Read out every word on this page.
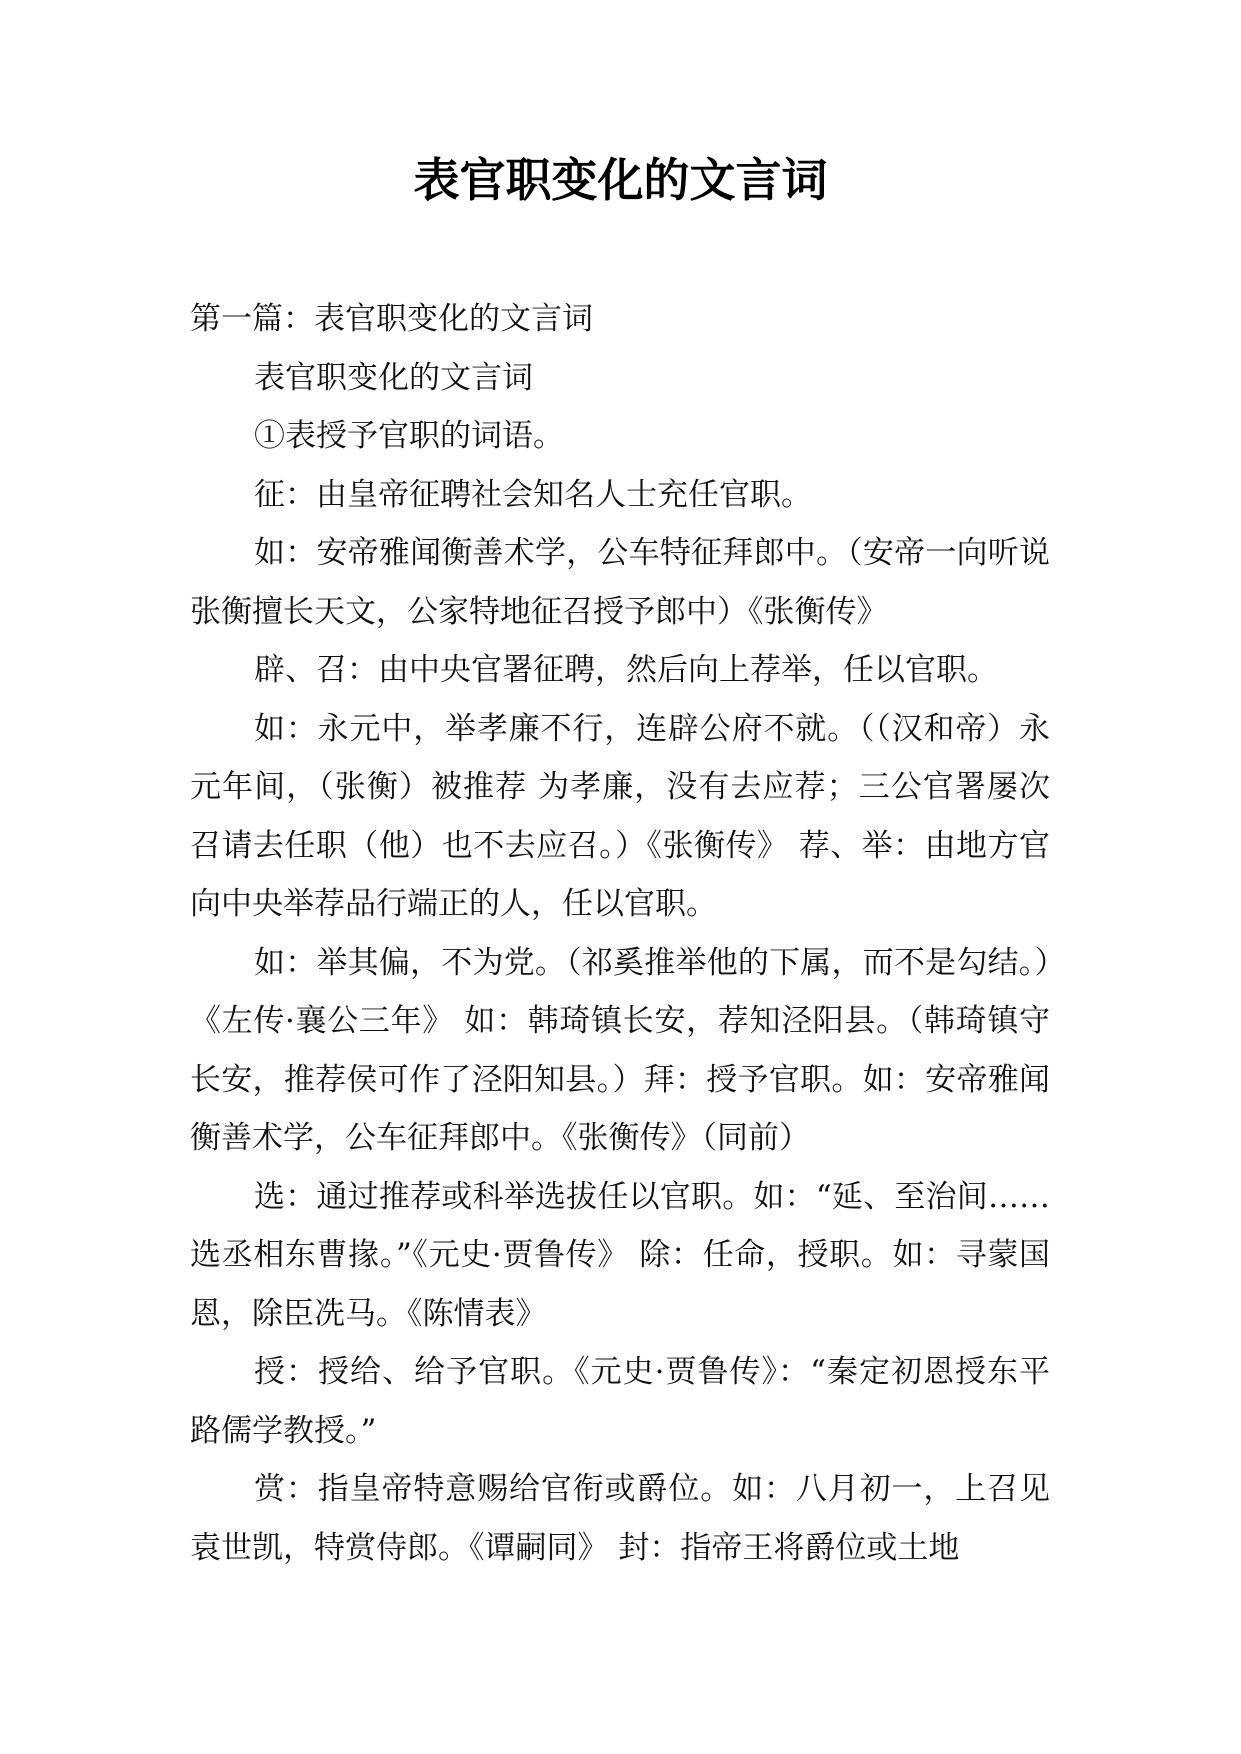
表官职变化的文言词

第一篇：表官职变化的文言词

表官职变化的文言词

①表授予官职的词语。

征：由皇帝征聘社会知名人士充任官职。

如：安帝雅闻衡善术学，公车特征拜郎中。（安帝一向听说张衡擅长天文，公家特地征召授予郎中）《张衡传》

辟、召：由中央官署征聘，然后向上荐举，任以官职。

如：永元中，举孝廉不行，连辟公府不就。（（汉和帝）永元年间，（张衡）被推荐 为孝廉，没有去应荐；三公官署屡次召请去任职（他）也不去应召。）《张衡传》 荐、举：由地方官向中央举荐品行端正的人，任以官职。

如：举其偏，不为党。（祁奚推举他的下属，而不是勾结。）《左传·襄公三年》 如：韩琦镇长安，荐知泾阳县。（韩琦镇守长安，推荐侯可作了泾阳知县。）拜：授予官职。如：安帝雅闻衡善术学，公车征拜郎中。《张衡传》（同前）

选：通过推荐或科举选拔任以官职。如：“延、至治间……选丞相东曹掾。”《元史·贾鲁传》 除：任命，授职。如：寻蒙国恩，除臣冼马。《陈情表》

授：授给、给予官职。《元史·贾鲁传》：“秦定初恩授东平路儒学教授。”

赏：指皇帝特意赐给官衔或爵位。如：八月初一，上召见袁世凯，特赏侍郎。《谭嗣同》 封：指帝王将爵位或土地
